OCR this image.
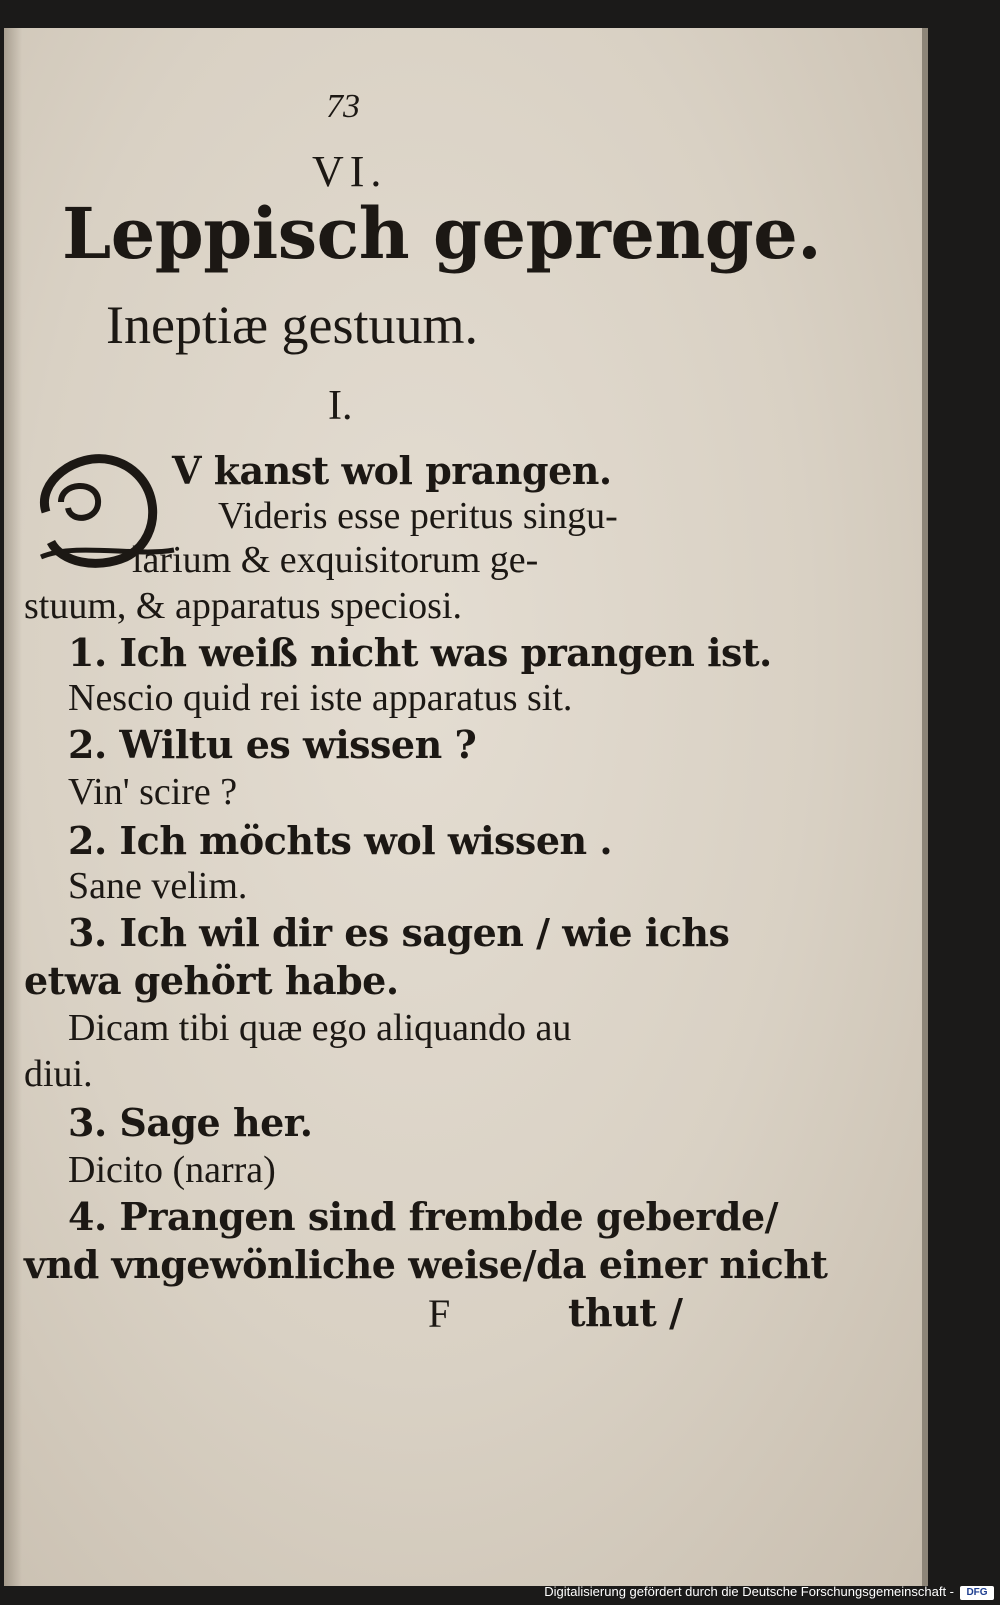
73
VI.
Leppisch geprenge.
Ineptiæ gestuum.
I.
V kanst wol prangen.
Videris esse peritus singu-
larium & exquisitorum ge-
stuum, & apparatus speciosi.
1. Ich weiß nicht was prangen ist.
Nescio quid rei iste apparatus sit.
2. Wiltu es wissen ?
Vin' scire ?
2. Ich möchts wol wissen .
Sane velim.
3. Ich wil dir es sagen / wie ichs
etwa gehört habe.
Dicam tibi quæ ego aliquando au
diui.
3. Sage her.
Dicito (narra)
4. Prangen sind frembde geberde/
vnd vngewönliche weise/da einer nicht
F	thut /
Digitalisierung gefördert durch die Deutsche Forschungsgemeinschaft -	DFG
